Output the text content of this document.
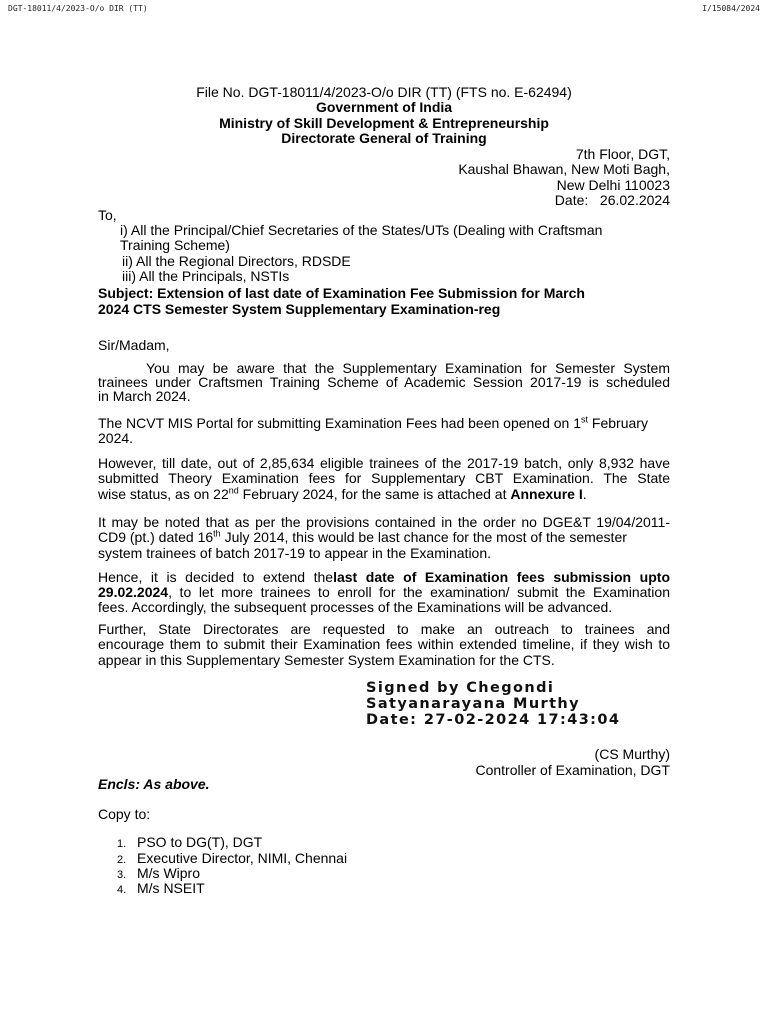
DGT-18011/4/2023-O/o DIR (TT)	I/15084/2024
File No. DGT-18011/4/2023-O/o DIR (TT) (FTS no. E-62494)
Government of India
Ministry of Skill Development & Entrepreneurship
Directorate General of Training
7th Floor, DGT,
Kaushal Bhawan, New Moti Bagh,
New Delhi 110023
Date:   26.02.2024
To,
i) All the Principal/Chief Secretaries of the States/UTs (Dealing with Craftsman
Training Scheme)
ii) All the Regional Directors, RDSDE
iii) All the Principals, NSTIs
Subject: Extension of last date of Examination Fee Submission for March
2024 CTS Semester System Supplementary Examination-reg
Sir/Madam,
You may be aware that the Supplementary Examination for Semester System
trainees under Craftsmen Training Scheme of Academic Session 2017-19 is scheduled
in March 2024.
The NCVT MIS Portal for submitting Examination Fees had been opened on 1st February
2024.
However, till date, out of 2,85,634 eligible trainees of the 2017-19 batch, only 8,932 have
submitted Theory Examination fees for Supplementary CBT Examination. The State
wise status, as on 22nd February 2024, for the same is attached at Annexure I.
It may be noted that as per the provisions contained in the order no DGE&T 19/04/2011-
CD9 (pt.) dated 16th July 2014, this would be last chance for the most of the semester
system trainees of batch 2017-19 to appear in the Examination.
Hence, it is decided to extend thelast date of Examination fees submission upto
29.02.2024, to let more trainees to enroll for the examination/ submit the Examination
fees. Accordingly, the subsequent processes of the Examinations will be advanced.
Further, State Directorates are requested to make an outreach to trainees and
encourage them to submit their Examination fees within extended timeline, if they wish to
appear in this Supplementary Semester System Examination for the CTS.
Signed by Chegondi
Satyanarayana Murthy
Date: 27-02-2024 17:43:04
(CS Murthy)
Controller of Examination, DGT
Encls: As above.
Copy to:
1. PSO to DG(T), DGT
2. Executive Director, NIMI, Chennai
3. M/s Wipro
4. M/s NSEIT
